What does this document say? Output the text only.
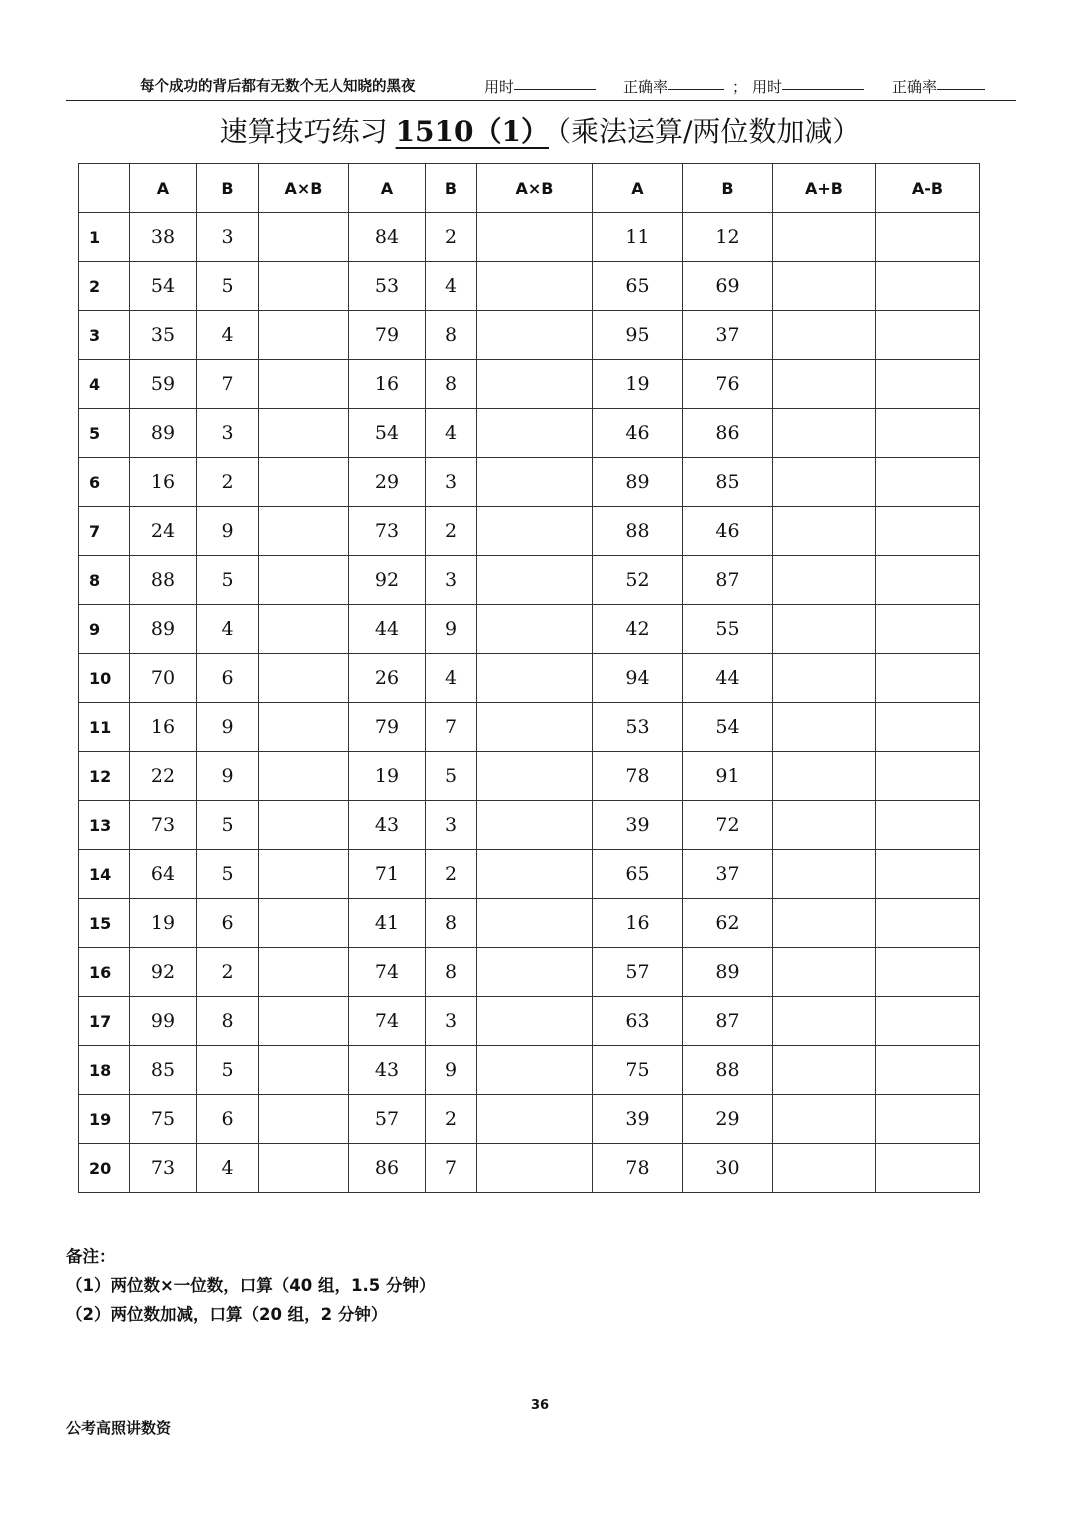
每个成功的背后都有无数个无人知晓的黑夜	用时	正确率	； 用时	正确率
速算技巧练习 1510（1） （乘法运算/两位数加减）
	A	B	A×B	A	B	A×B	A	B	A+B	A-B
1	38	3		84	2		11	12		
2	54	5		53	4		65	69		
3	35	4		79	8		95	37		
4	59	7		16	8		19	76		
5	89	3		54	4		46	86		
6	16	2		29	3		89	85		
7	24	9		73	2		88	46		
8	88	5		92	3		52	87		
9	89	4		44	9		42	55		
10	70	6		26	4		94	44		
11	16	9		79	7		53	54		
12	22	9		19	5		78	91		
13	73	5		43	3		39	72		
14	64	5		71	2		65	37		
15	19	6		41	8		16	62		
16	92	2		74	8		57	89		
17	99	8		74	3		63	87		
18	85	5		43	9		75	88		
19	75	6		57	2		39	29		
20	73	4		86	7		78	30		
备注：
（1）两位数×一位数，口算（40 组，1.5 分钟）
（2）两位数加减，口算（20 组，2 分钟）
36
公考高照讲数资
